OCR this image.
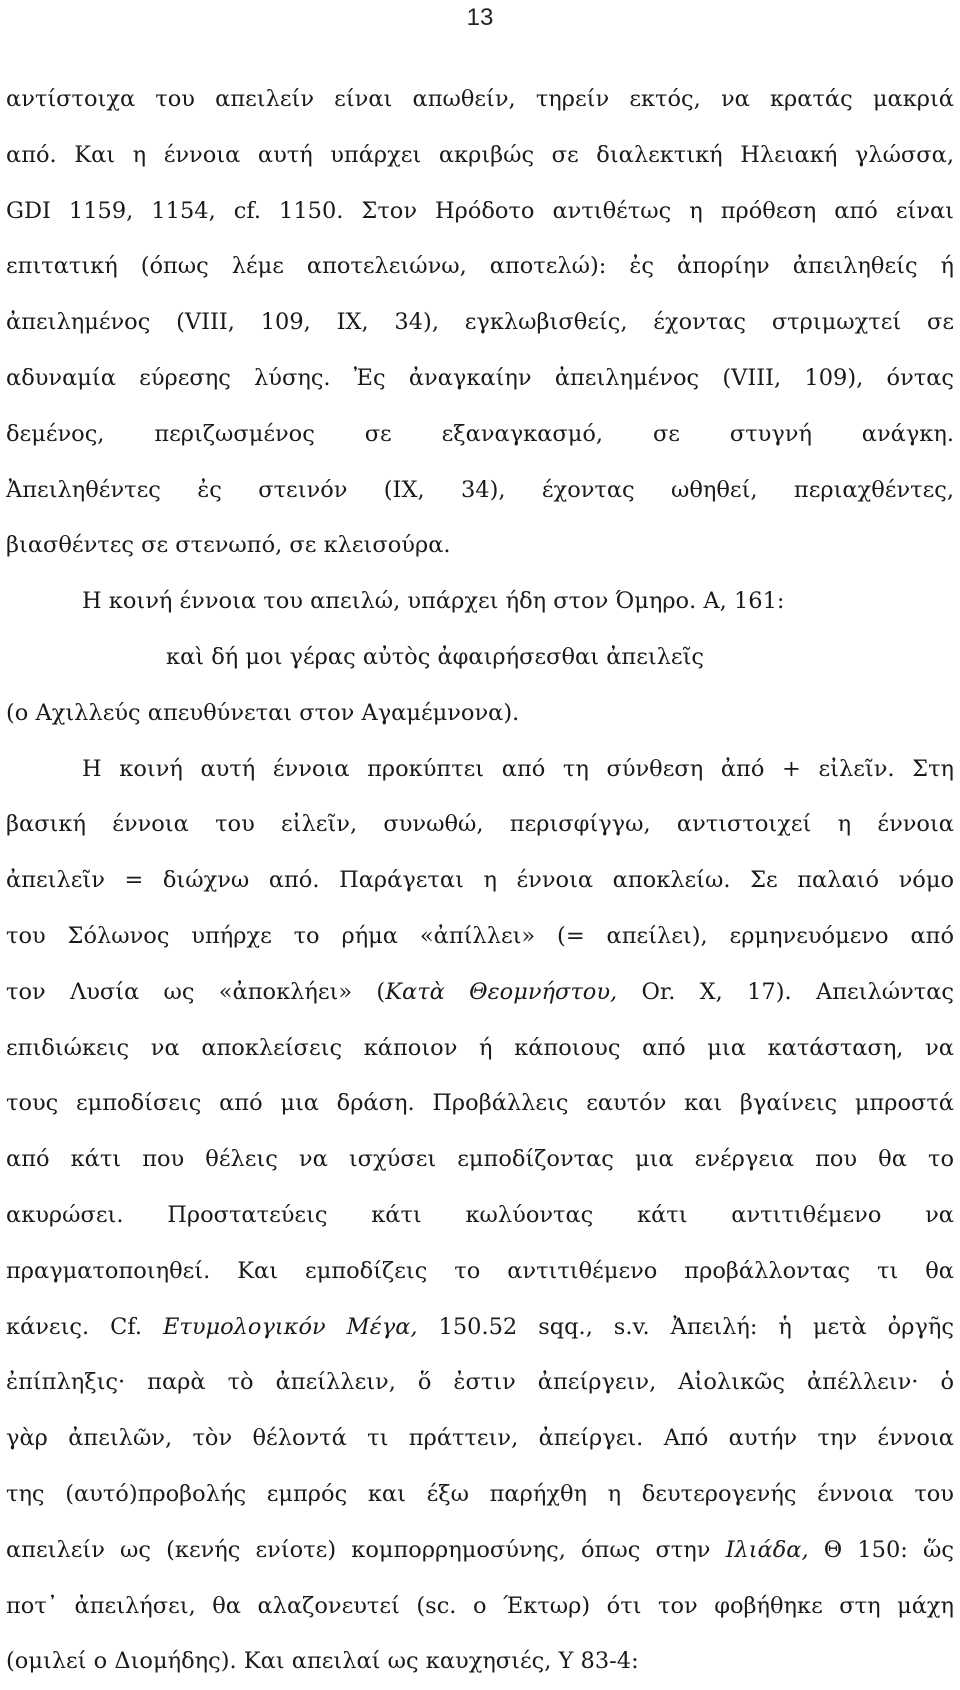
13
αντίστοιχα του απειλείν είναι απωθείν, τηρείν εκτός, να κρατάς μακριά
από. Και η έννοια αυτή υπάρχει ακριβώς σε διαλεκτική Ηλειακή γλώσσα,
GDI 1159, 1154, cf. 1150. Στον Ηρόδοτο αντιθέτως η πρόθεση από είναι
επιτατική (όπως λέμε αποτελειώνω, αποτελώ): ἐς ἀπορίην ἀπειληθείς ή
ἀπειλημένος (VIII, 109, IX, 34), εγκλωβισθείς, έχοντας στριμωχτεί σε
αδυναμία εύρεσης λύσης. Ἐς ἀναγκαίην ἀπειλημένος (VIII, 109), όντας
δεμένος, περιζωσμένος σε εξαναγκασμό, σε στυγνή ανάγκη.
Ἀπειληθέντες ἐς στεινόν (IX, 34), έχοντας ωθηθεί, περιαχθέντες,
βιασθέντες σε στενωπό, σε κλεισούρα.
Η κοινή έννοια του απειλώ, υπάρχει ήδη στον Όμηρο. Α, 161:
καὶ δή μοι γέρας αὐτὸς ἀφαιρήσεσθαι ἀπειλεῖς
(ο Αχιλλεύς απευθύνεται στον Αγαμέμνονα).
Η κοινή αυτή έννοια προκύπτει από τη σύνθεση ἀπό + εἰλεῖν. Στη
βασική έννοια του εἰλεῖν, συνωθώ, περισφίγγω, αντιστοιχεί η έννοια
ἀπειλεῖν = διώχνω από. Παράγεται η έννοια αποκλείω. Σε παλαιό νόμο
του Σόλωνος υπήρχε το ρήμα «ἀπίλλει» (= απείλει), ερμηνευόμενο από
τον Λυσία ως «ἀποκλήει» (Κατὰ Θεομνήστου, Or. X, 17). Απειλώντας
επιδιώκεις να αποκλείσεις κάποιον ή κάποιους από μια κατάσταση, να
τους εμποδίσεις από μια δράση. Προβάλλεις εαυτόν και βγαίνεις μπροστά
από κάτι που θέλεις να ισχύσει εμποδίζοντας μια ενέργεια που θα το
ακυρώσει. Προστατεύεις κάτι κωλύοντας κάτι αντιτιθέμενο να
πραγματοποιηθεί. Και εμποδίζεις το αντιτιθέμενο προβάλλοντας τι θα
κάνεις. Cf. Ετυμολογικόν Μέγα, 150.52 sqq., s.v. Ἀπειλή: ἡ μετὰ ὀργῆς
ἐπίπληξις· παρὰ τὸ ἀπείλλειν, ὅ ἐστιν ἀπείργειν, Αἰολικῶς ἀπέλλειν· ὁ
γὰρ ἀπειλῶν, τὸν θέλοντά τι πράττειν, ἀπείργει. Από αυτήν την έννοια
της (αυτό)προβολής εμπρός και έξω παρήχθη η δευτερογενής έννοια του
απειλείν ως (κενής ενίοτε) κομπορρημοσύνης, όπως στην Ιλιάδα, Θ 150: ὥς
ποτ᾽ ἀπειλήσει, θα αλαζονευτεί (sc. ο Έκτωρ) ότι τον φοβήθηκε στη μάχη
(ομιλεί ο Διομήδης). Και απειλαί ως καυχησιές, Υ 83-4:
